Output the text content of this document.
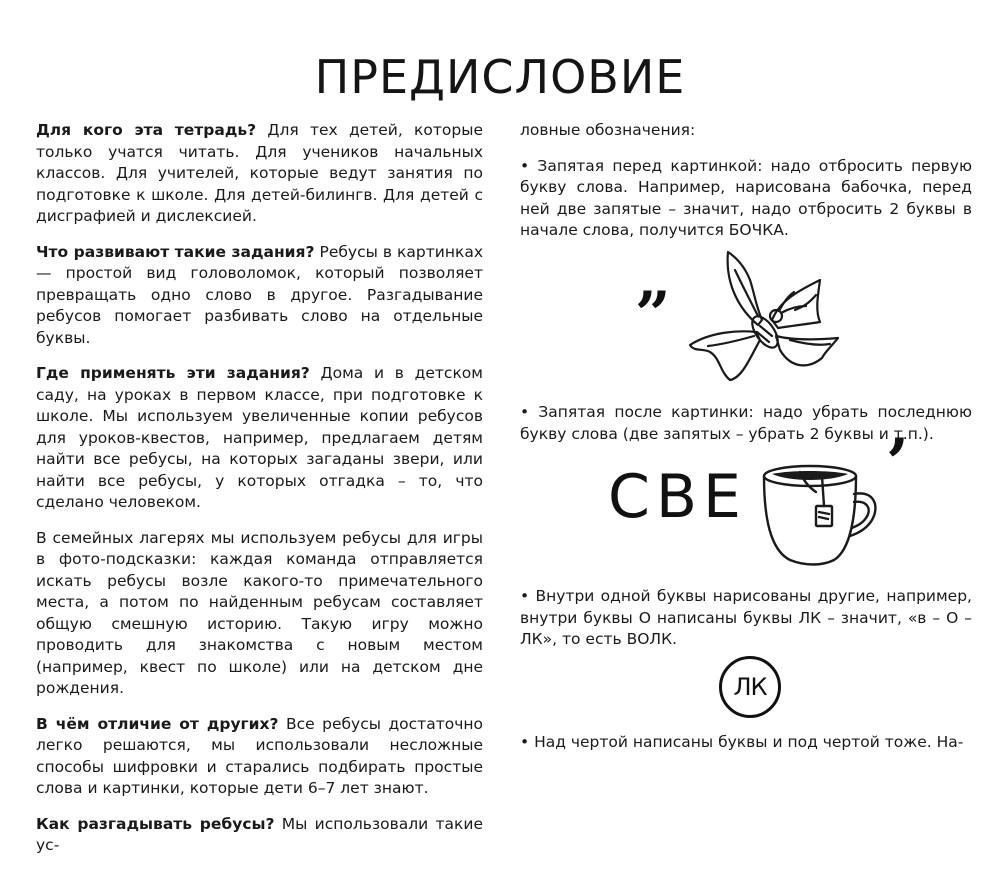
ПРЕДИСЛОВИЕ

Для кого эта тетрадь? Для тех детей, которые только учатся читать. Для учеников начальных классов. Для учителей, которые ведут занятия по подготовке к школе. Для детей-билингв. Для детей с дисграфией и дислексией.

Что развивают такие задания? Ребусы в картинках — простой вид головоломок, который позволяет превращать одно слово в другое. Разгадывание ребусов помогает разбивать слово на отдельные буквы.

Где применять эти задания? Дома и в детском саду, на уроках в первом классе, при подготовке к школе. Мы используем увеличенные копии ребусов для уроков-квестов, например, предлагаем детям найти все ребусы, на которых загаданы звери, или найти все ребусы, у которых отгадка – то, что сделано человеком.

В семейных лагерях мы используем ребусы для игры в фото-подсказки: каждая команда отправляется искать ребусы возле какого-то примечательного места, а потом по найденным ребусам составляет общую смешную историю. Такую игру можно проводить для знакомства с новым местом (например, квест по школе) или на детском дне рождения.

В чём отличие от других? Все ребусы достаточно легко решаются, мы использовали несложные способы шифровки и старались подбирать простые слова и картинки, которые дети 6–7 лет знают.

Как разгадывать ребусы? Мы использовали такие ус-

ловные обозначения:

• Запятая перед картинкой: надо отбросить первую букву слова. Например, нарисована бабочка, перед ней две запятые – значит, надо отбросить 2 буквы в начале слова, получится БОЧКА.

„

• Запятая после картинки: надо убрать последнюю букву слова (две запятых – убрать 2 буквы и т.п.).

СВЕ ’

• Внутри одной буквы нарисованы другие, например, внутри буквы О написаны буквы ЛК – значит, «в – О – ЛК», то есть ВОЛК.

ЛК

• Над чертой написаны буквы и под чертой тоже. На-
